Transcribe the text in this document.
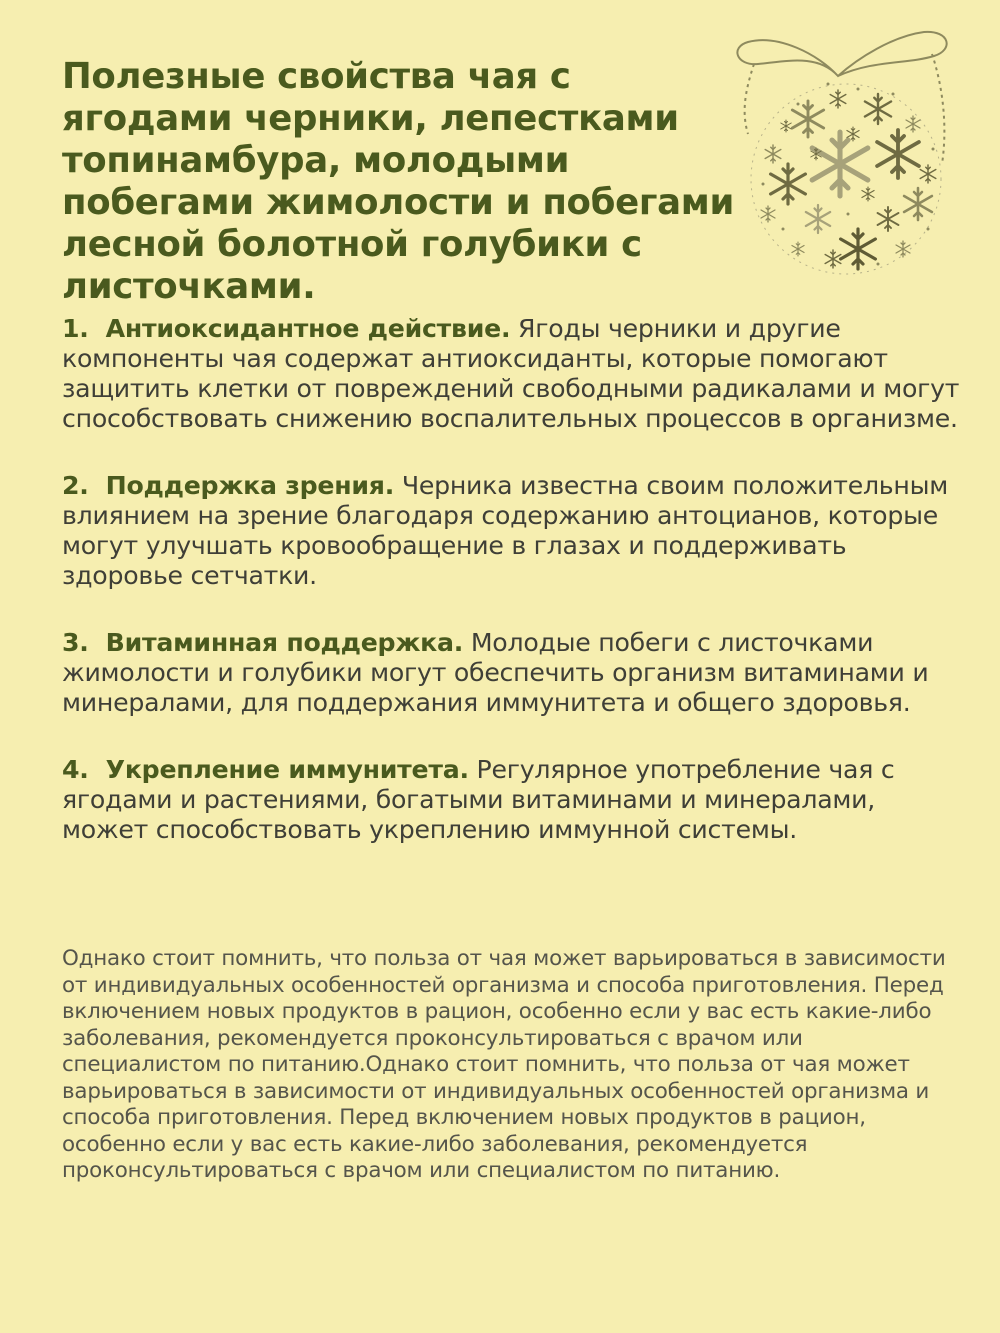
Полезные свойства чая с ягодами черники, лепестками топинамбура, молодыми побегами жимолости и побегами лесной болотной голубики с листочками.

1. Антиоксидантное действие. Ягоды черники и другие компоненты чая содержат антиоксиданты, которые помогают защитить клетки от повреждений свободными радикалами и могут способствовать снижению воспалительных процессов в организме.

2. Поддержка зрения. Черника известна своим положительным влиянием на зрение благодаря содержанию антоцианов, которые могут улучшать кровообращение в глазах и поддерживать здоровье сетчатки.

3. Витаминная поддержка. Молодые побеги с листочками жимолости и голубики могут обеспечить организм витаминами и минералами, для поддержания иммунитета и общего здоровья.

4. Укрепление иммунитета. Регулярное употребление чая с ягодами и растениями, богатыми витаминами и минералами, может способствовать укреплению иммунной системы.

Однако стоит помнить, что польза от чая может варьироваться в зависимости от индивидуальных особенностей организма и способа приготовления. Перед включением новых продуктов в рацион, особенно если у вас есть какие-либо заболевания, рекомендуется проконсультироваться с врачом или специалистом по питанию.Однако стоит помнить, что польза от чая может варьироваться в зависимости от индивидуальных особенностей организма и способа приготовления. Перед включением новых продуктов в рацион, особенно если у вас есть какие-либо заболевания, рекомендуется проконсультироваться с врачом или специалистом по питанию.
